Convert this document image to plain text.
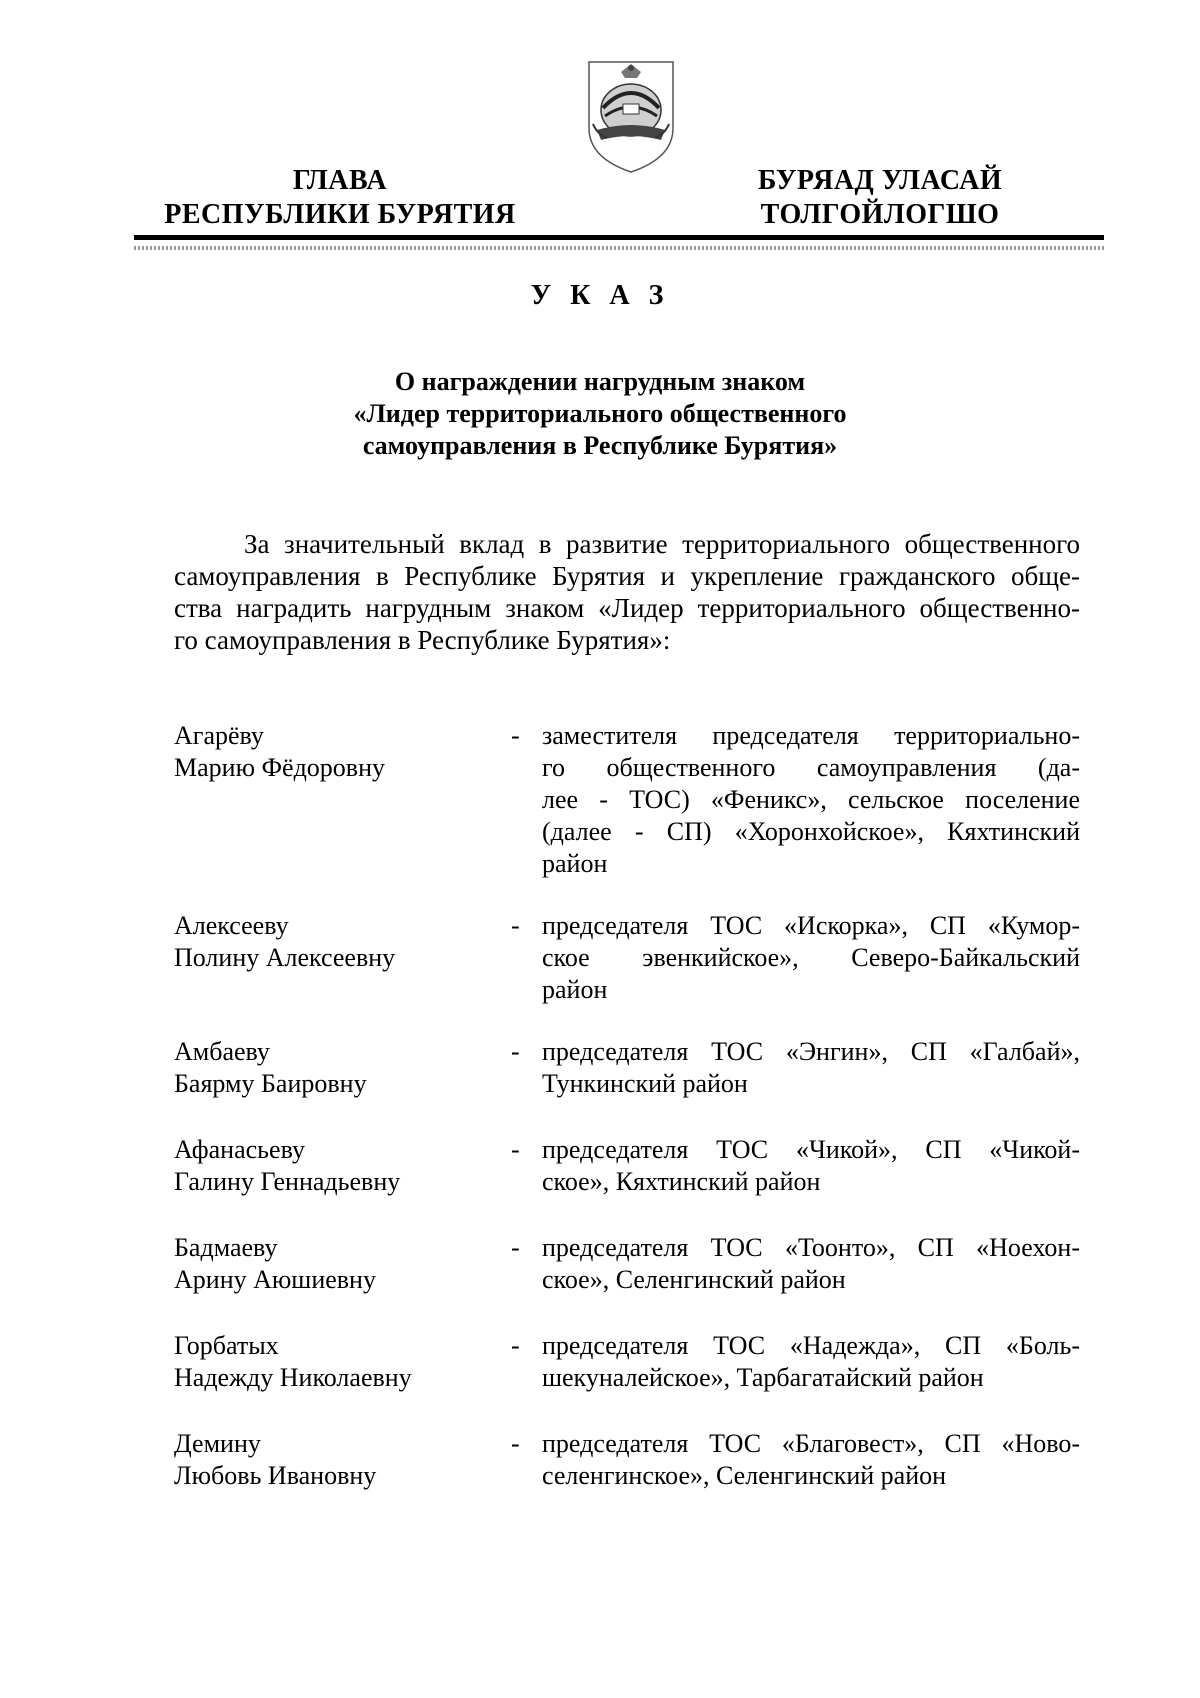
ГЛАВА
РЕСПУБЛИКИ БУРЯТИЯ
БУРЯАД УЛАСАЙ
ТОЛГОЙЛОГШО
У К А З
О награждении нагрудным знаком
«Лидер территориального общественного
самоуправления в Республике Бурятия»
За значительный вклад в развитие территориального общественного
самоуправления в Республике Бурятия и укрепление гражданского обще-
ства наградить нагрудным знаком «Лидер территориального общественно-
го самоуправления в Республике Бурятия»:
Агарёву
Марию Фёдоровну
- заместителя председателя территориально-
го общественного самоуправления (да-
лее - ТОС) «Феникс», сельское поселение
(далее - СП) «Хоронхойское», Кяхтинский
район
Алексееву
Полину Алексеевну
- председателя ТОС «Искорка», СП «Кумор-
ское эвенкийское», Северо-Байкальский
район
Амбаеву
Баярму Баировну
- председателя ТОС «Энгин», СП «Галбай»,
Тункинский район
Афанасьеву
Галину Геннадьевну
- председателя ТОС «Чикой», СП «Чикой-
ское», Кяхтинский район
Бадмаеву
Арину Аюшиевну
- председателя ТОС «Тоонто», СП «Ноехон-
ское», Селенгинский район
Горбатых
Надежду Николаевну
- председателя ТОС «Надежда», СП «Боль-
шекуналейское», Тарбагатайский район
Демину
Любовь Ивановну
- председателя ТОС «Благовест», СП «Ново-
селенгинское», Селенгинский район
